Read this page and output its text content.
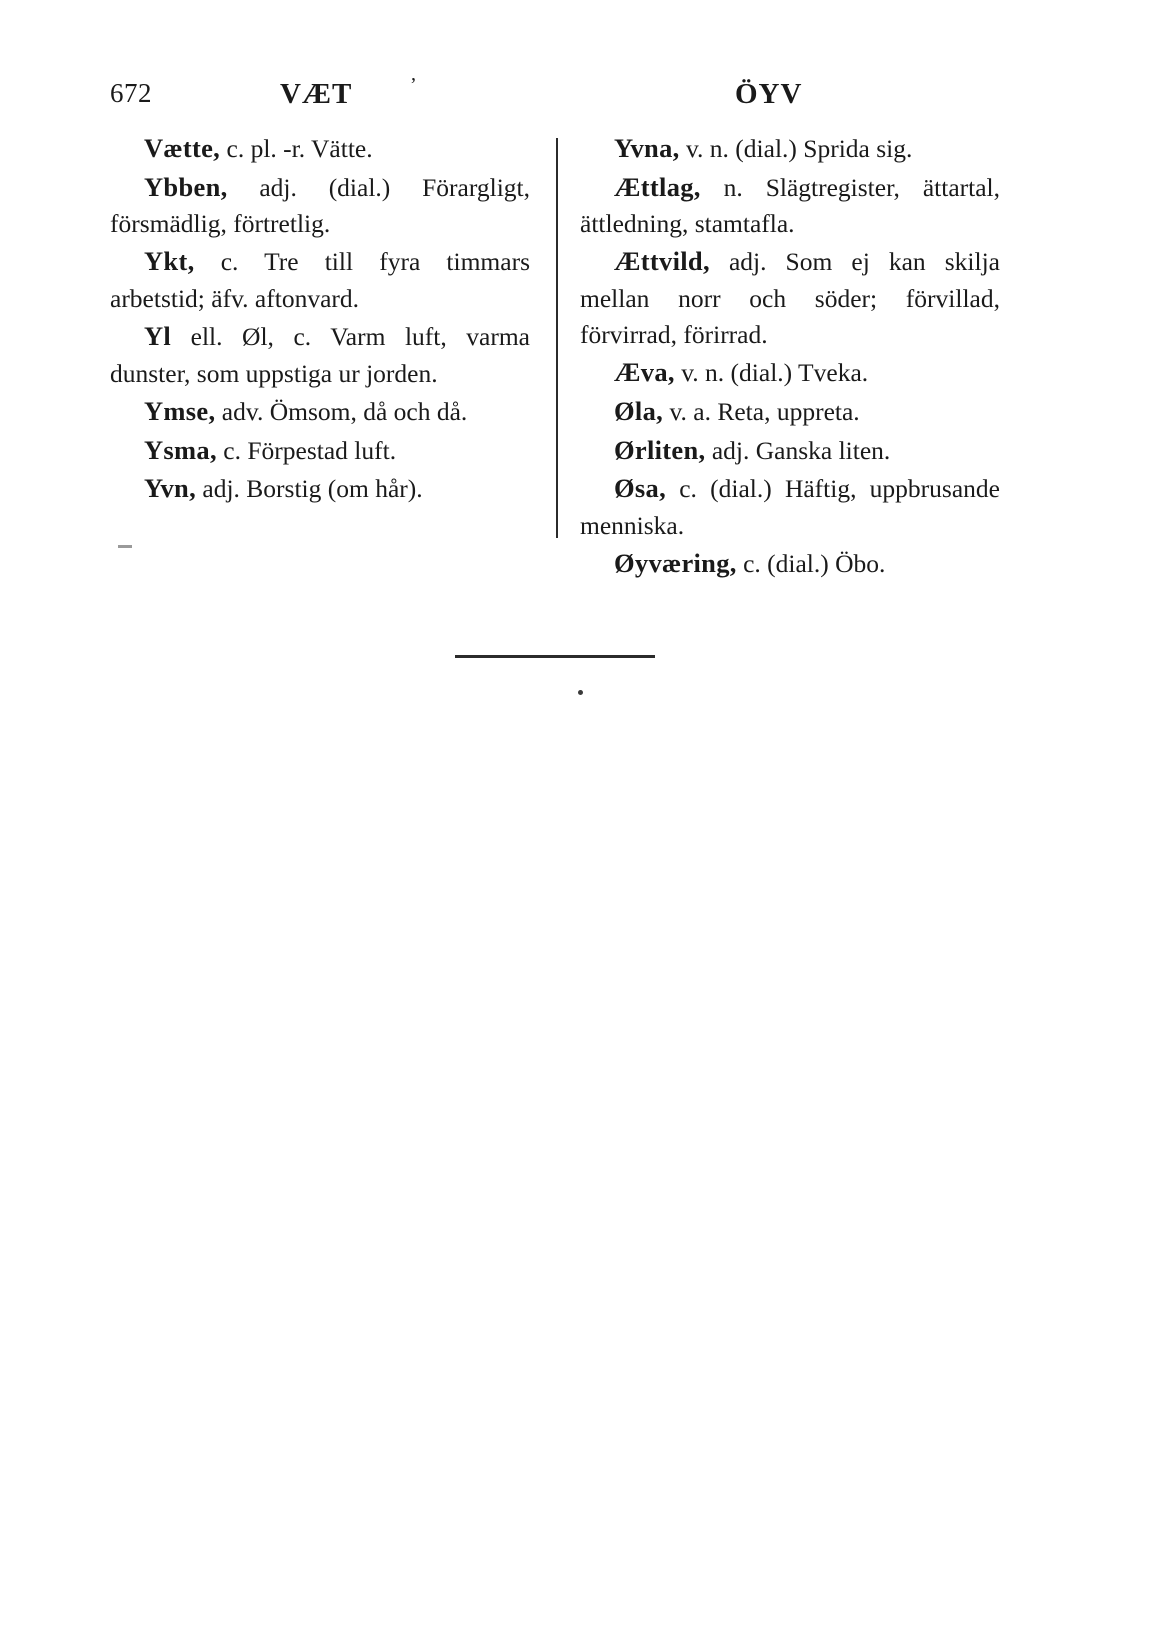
672	VÆT	’	ÖYV

Vætte, c. pl. -r. Vätte.

Ybben, adj. (dial.) Förargligt, försmädlig, förtretlig.

Ykt, c. Tre till fyra timmars arbetstid; äfv. aftonvard.

Yl ell. Øl, c. Varm luft, varma dunster, som uppstiga ur jorden.

Ymse, adv. Ömsom, då och då.

Ysma, c. Förpestad luft.

Yvn, adj. Borstig (om hår).

Yvna, v. n. (dial.) Sprida sig.

Ættlag, n. Slägtregister, ättartal, ättledning, stamtafla.

Ættvild, adj. Som ej kan skilja mellan norr och söder; förvillad, förvirrad, förirrad.

Æva, v. n. (dial.) Tveka.

Øla, v. a. Reta, uppreta.

Ørliten, adj. Ganska liten.

Øsa, c. (dial.) Häftig, uppbrusande menniska.

Øyværing, c. (dial.) Öbo.
